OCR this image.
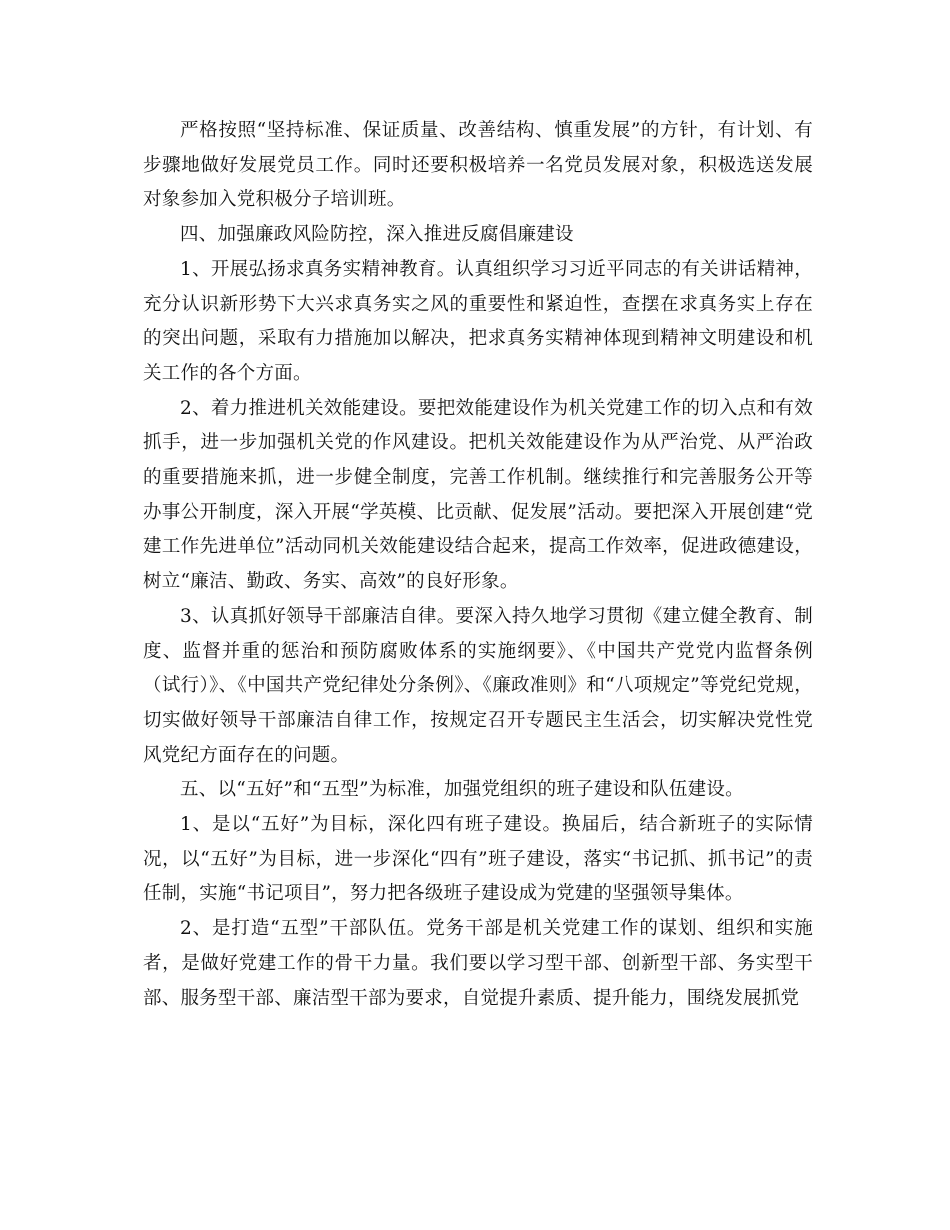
严格按照“坚持标准、保证质量、改善结构、慎重发展”的方针，有计划、有步骤地做好发展党员工作。同时还要积极培养一名党员发展对象，积极选送发展对象参加入党积极分子培训班。

四、加强廉政风险防控，深入推进反腐倡廉建设

1、开展弘扬求真务实精神教育。认真组织学习习近平同志的有关讲话精神，充分认识新形势下大兴求真务实之风的重要性和紧迫性，查摆在求真务实上存在的突出问题，采取有力措施加以解决，把求真务实精神体现到精神文明建设和机关工作的各个方面。

2、着力推进机关效能建设。要把效能建设作为机关党建工作的切入点和有效抓手，进一步加强机关党的作风建设。把机关效能建设作为从严治党、从严治政的重要措施来抓，进一步健全制度，完善工作机制。继续推行和完善服务公开等办事公开制度，深入开展“学英模、比贡献、促发展”活动。要把深入开展创建“党建工作先进单位”活动同机关效能建设结合起来，提高工作效率，促进政德建设，树立“廉洁、勤政、务实、高效”的良好形象。

3、认真抓好领导干部廉洁自律。要深入持久地学习贯彻《建立健全教育、制度、监督并重的惩治和预防腐败体系的实施纲要》、《中国共产党党内监督条例（试行）》、《中国共产党纪律处分条例》、《廉政准则》和“八项规定”等党纪党规，切实做好领导干部廉洁自律工作，按规定召开专题民主生活会，切实解决党性党风党纪方面存在的问题。

五、以“五好”和“五型”为标准，加强党组织的班子建设和队伍建设。

1、是以“五好”为目标，深化四有班子建设。换届后，结合新班子的实际情况，以“五好”为目标，进一步深化“四有”班子建设，落实“书记抓、抓书记”的责任制，实施“书记项目”，努力把各级班子建设成为党建的坚强领导集体。

2、是打造“五型”干部队伍。党务干部是机关党建工作的谋划、组织和实施者，是做好党建工作的骨干力量。我们要以学习型干部、创新型干部、务实型干部、服务型干部、廉洁型干部为要求，自觉提升素质、提升能力，围绕发展抓党
